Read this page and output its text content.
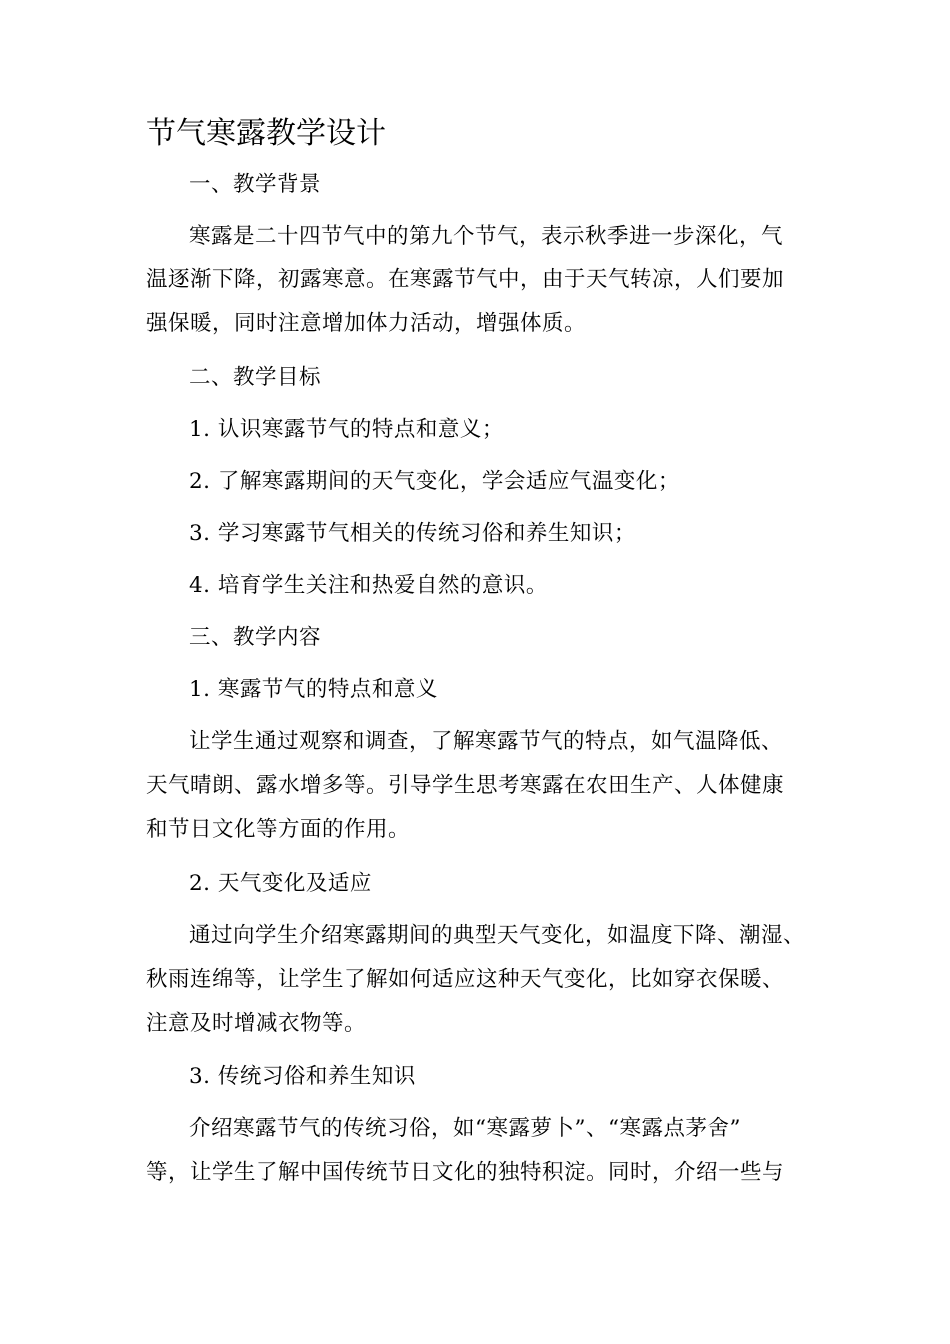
节气寒露教学设计
一、教学背景
寒露是二十四节气中的第九个节气，表示秋季进一步深化，气
温逐渐下降，初露寒意。在寒露节气中，由于天气转凉，人们要加
强保暖，同时注意增加体力活动，增强体质。
二、教学目标
1. 认识寒露节气的特点和意义；
2. 了解寒露期间的天气变化，学会适应气温变化；
3. 学习寒露节气相关的传统习俗和养生知识；
4. 培育学生关注和热爱自然的意识。
三、教学内容
1. 寒露节气的特点和意义
让学生通过观察和调查，了解寒露节气的特点，如气温降低、
天气晴朗、露水增多等。引导学生思考寒露在农田生产、人体健康
和节日文化等方面的作用。
2. 天气变化及适应
通过向学生介绍寒露期间的典型天气变化，如温度下降、潮湿、
秋雨连绵等，让学生了解如何适应这种天气变化，比如穿衣保暖、
注意及时增减衣物等。
3. 传统习俗和养生知识
介绍寒露节气的传统习俗，如“寒露萝卜”、“寒露点茅舍”
等，让学生了解中国传统节日文化的独特积淀。同时，介绍一些与
